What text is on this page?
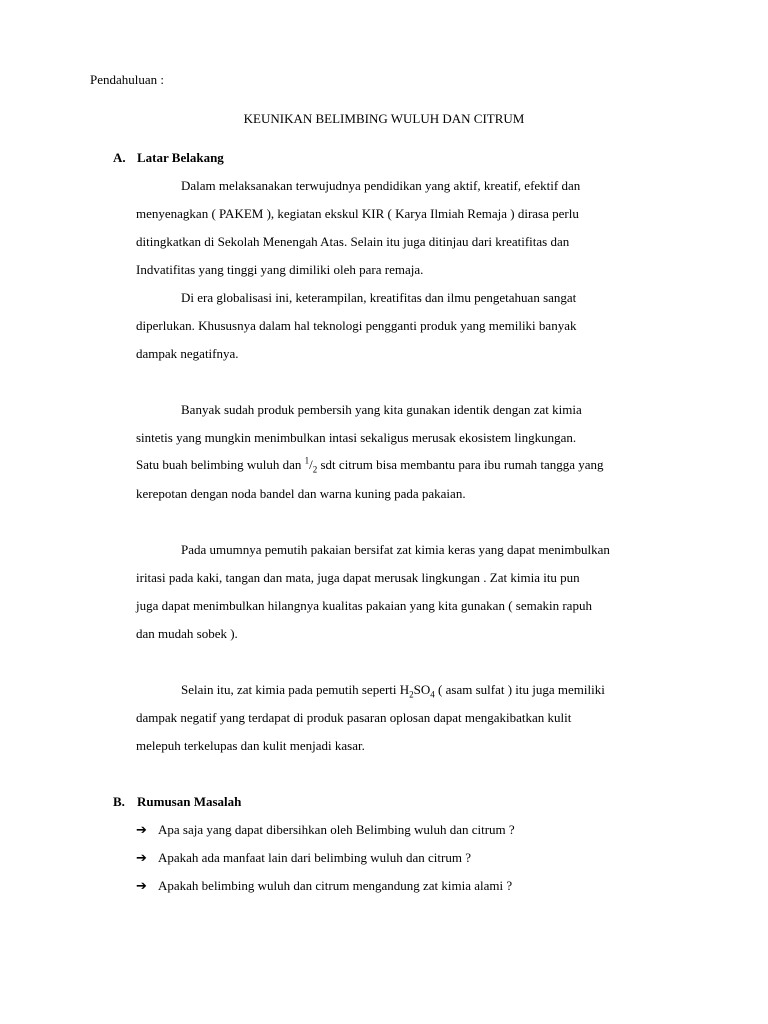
Pendahuluan :
KEUNIKAN BELIMBING WULUH DAN CITRUM
A. Latar Belakang
Dalam melaksanakan terwujudnya pendidikan yang aktif, kreatif, efektif dan
menyenagkan ( PAKEM ), kegiatan ekskul KIR ( Karya Ilmiah Remaja ) dirasa perlu
ditingkatkan di Sekolah Menengah Atas. Selain itu juga ditinjau dari kreatifitas dan
Indvatifitas yang tinggi yang dimiliki oleh para remaja.
Di era globalisasi ini, keterampilan, kreatifitas dan ilmu pengetahuan sangat
diperlukan. Khususnya dalam hal teknologi pengganti produk yang memiliki banyak
dampak negatifnya.
Banyak sudah produk pembersih yang kita gunakan identik dengan zat kimia
sintetis yang mungkin menimbulkan intasi sekaligus merusak ekosistem lingkungan.
Satu buah belimbing wuluh dan $^1/_2$ sdt citrum bisa membantu para ibu rumah tangga yang
kerepotan dengan noda bandel dan warna kuning pada pakaian.
Pada umumnya pemutih pakaian bersifat zat kimia keras yang dapat menimbulkan
iritasi pada kaki, tangan dan mata, juga dapat merusak lingkungan . Zat kimia itu pun
juga dapat menimbulkan hilangnya kualitas pakaian yang kita gunakan ( semakin rapuh
dan mudah sobek ).
Selain itu, zat kimia pada pemutih seperti $H_2SO_4$ ( asam sulfat ) itu juga memiliki
dampak negatif yang terdapat di produk pasaran oplosan dapat mengakibatkan kulit
melepuh terkelupas dan kulit menjadi kasar.
B. Rumusan Masalah
➔ Apa saja yang dapat dibersihkan oleh Belimbing wuluh dan citrum ?
➔ Apakah ada manfaat lain dari belimbing wuluh dan citrum ?
➔ Apakah belimbing wuluh dan citrum mengandung zat kimia alami ?
